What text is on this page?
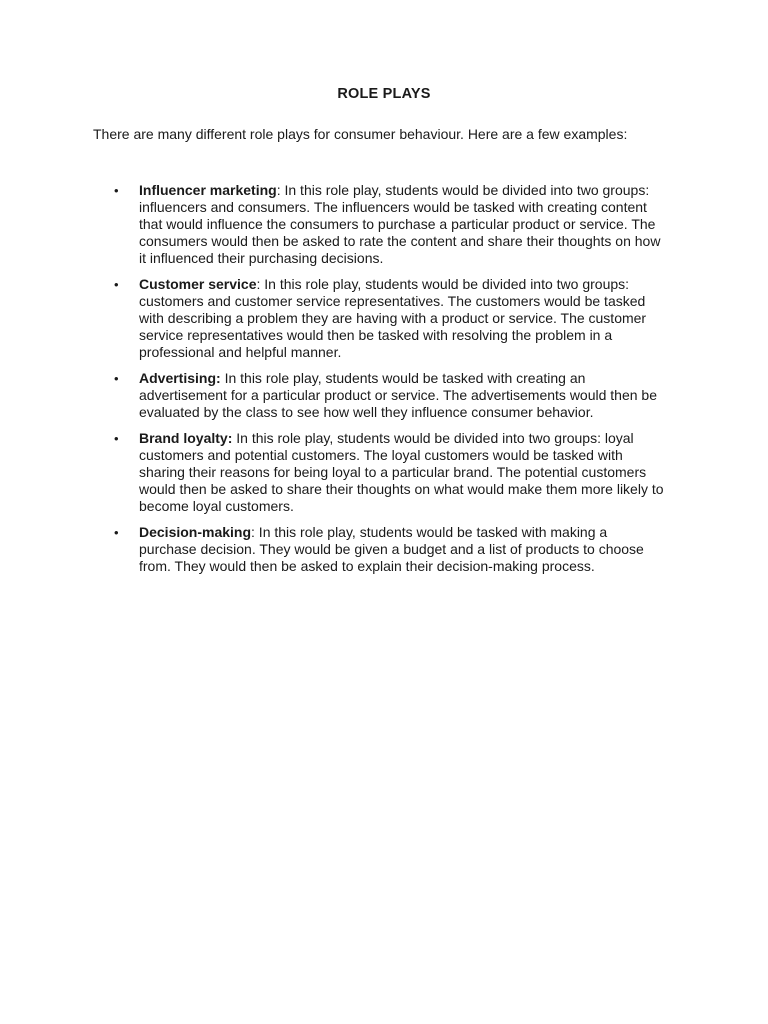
ROLE PLAYS

There are many different role plays for consumer behaviour. Here are a few examples:

• Influencer marketing: In this role play, students would be divided into two groups: influencers and consumers. The influencers would be tasked with creating content that would influence the consumers to purchase a particular product or service. The consumers would then be asked to rate the content and share their thoughts on how it influenced their purchasing decisions.

• Customer service: In this role play, students would be divided into two groups: customers and customer service representatives. The customers would be tasked with describing a problem they are having with a product or service. The customer service representatives would then be tasked with resolving the problem in a professional and helpful manner.

• Advertising: In this role play, students would be tasked with creating an advertisement for a particular product or service. The advertisements would then be evaluated by the class to see how well they influence consumer behavior.

• Brand loyalty: In this role play, students would be divided into two groups: loyal customers and potential customers. The loyal customers would be tasked with sharing their reasons for being loyal to a particular brand. The potential customers would then be asked to share their thoughts on what would make them more likely to become loyal customers.

• Decision-making: In this role play, students would be tasked with making a purchase decision. They would be given a budget and a list of products to choose from. They would then be asked to explain their decision-making process.
